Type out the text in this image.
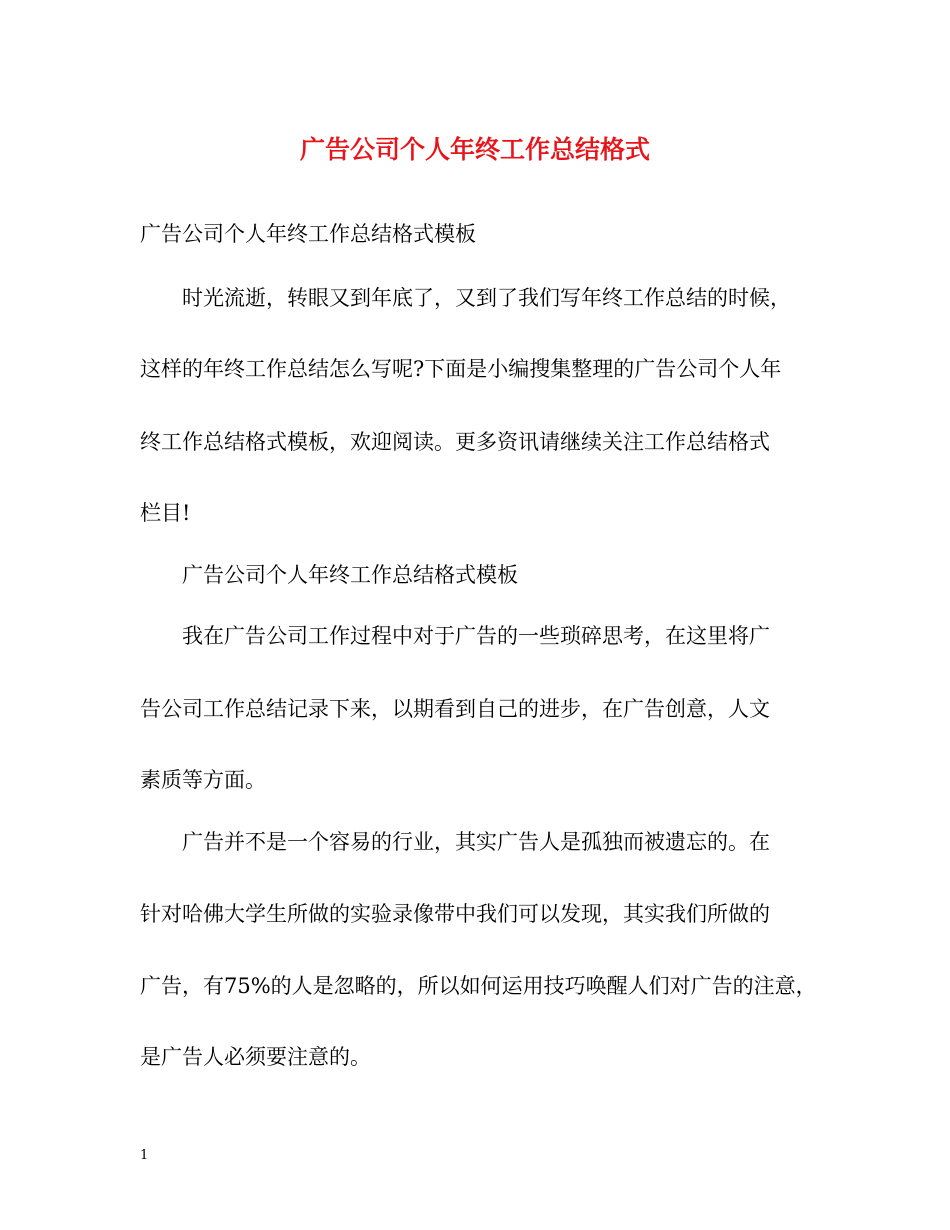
广告公司个人年终工作总结格式
广告公司个人年终工作总结格式模板
时光流逝，转眼又到年底了，又到了我们写年终工作总结的时候，
这样的年终工作总结怎么写呢?下面是小编搜集整理的广告公司个人年
终工作总结格式模板，欢迎阅读。更多资讯请继续关注工作总结格式
栏目!
广告公司个人年终工作总结格式模板
我在广告公司工作过程中对于广告的一些琐碎思考，在这里将广
告公司工作总结记录下来，以期看到自己的进步，在广告创意，人文
素质等方面。
广告并不是一个容易的行业，其实广告人是孤独而被遗忘的。在
针对哈佛大学生所做的实验录像带中我们可以发现，其实我们所做的
广告，有75%的人是忽略的，所以如何运用技巧唤醒人们对广告的注意，
是广告人必须要注意的。
1
